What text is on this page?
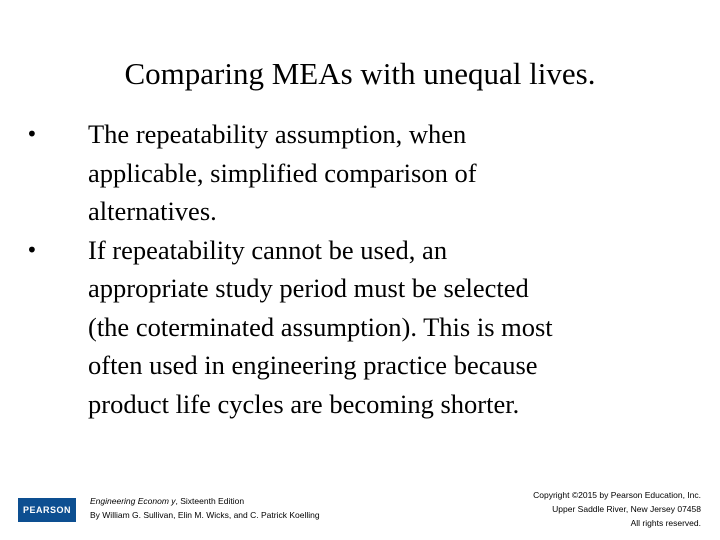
Comparing MEAs with unequal lives.
•	The repeatability assumption, when
applicable, simplified comparison of
alternatives.
•	If repeatability cannot be used, an
appropriate study period must be selected
(the coterminated assumption). This is most
often used in engineering practice because
product life cycles are becoming shorter.
PEARSON
Engineering Econom y, Sixteenth Edition
By William G. Sullivan, Elin M. Wicks, and C. Patrick Koelling
Copyright ©2015 by Pearson Education, Inc.
Upper Saddle River, New Jersey 07458
All rights reserved.
